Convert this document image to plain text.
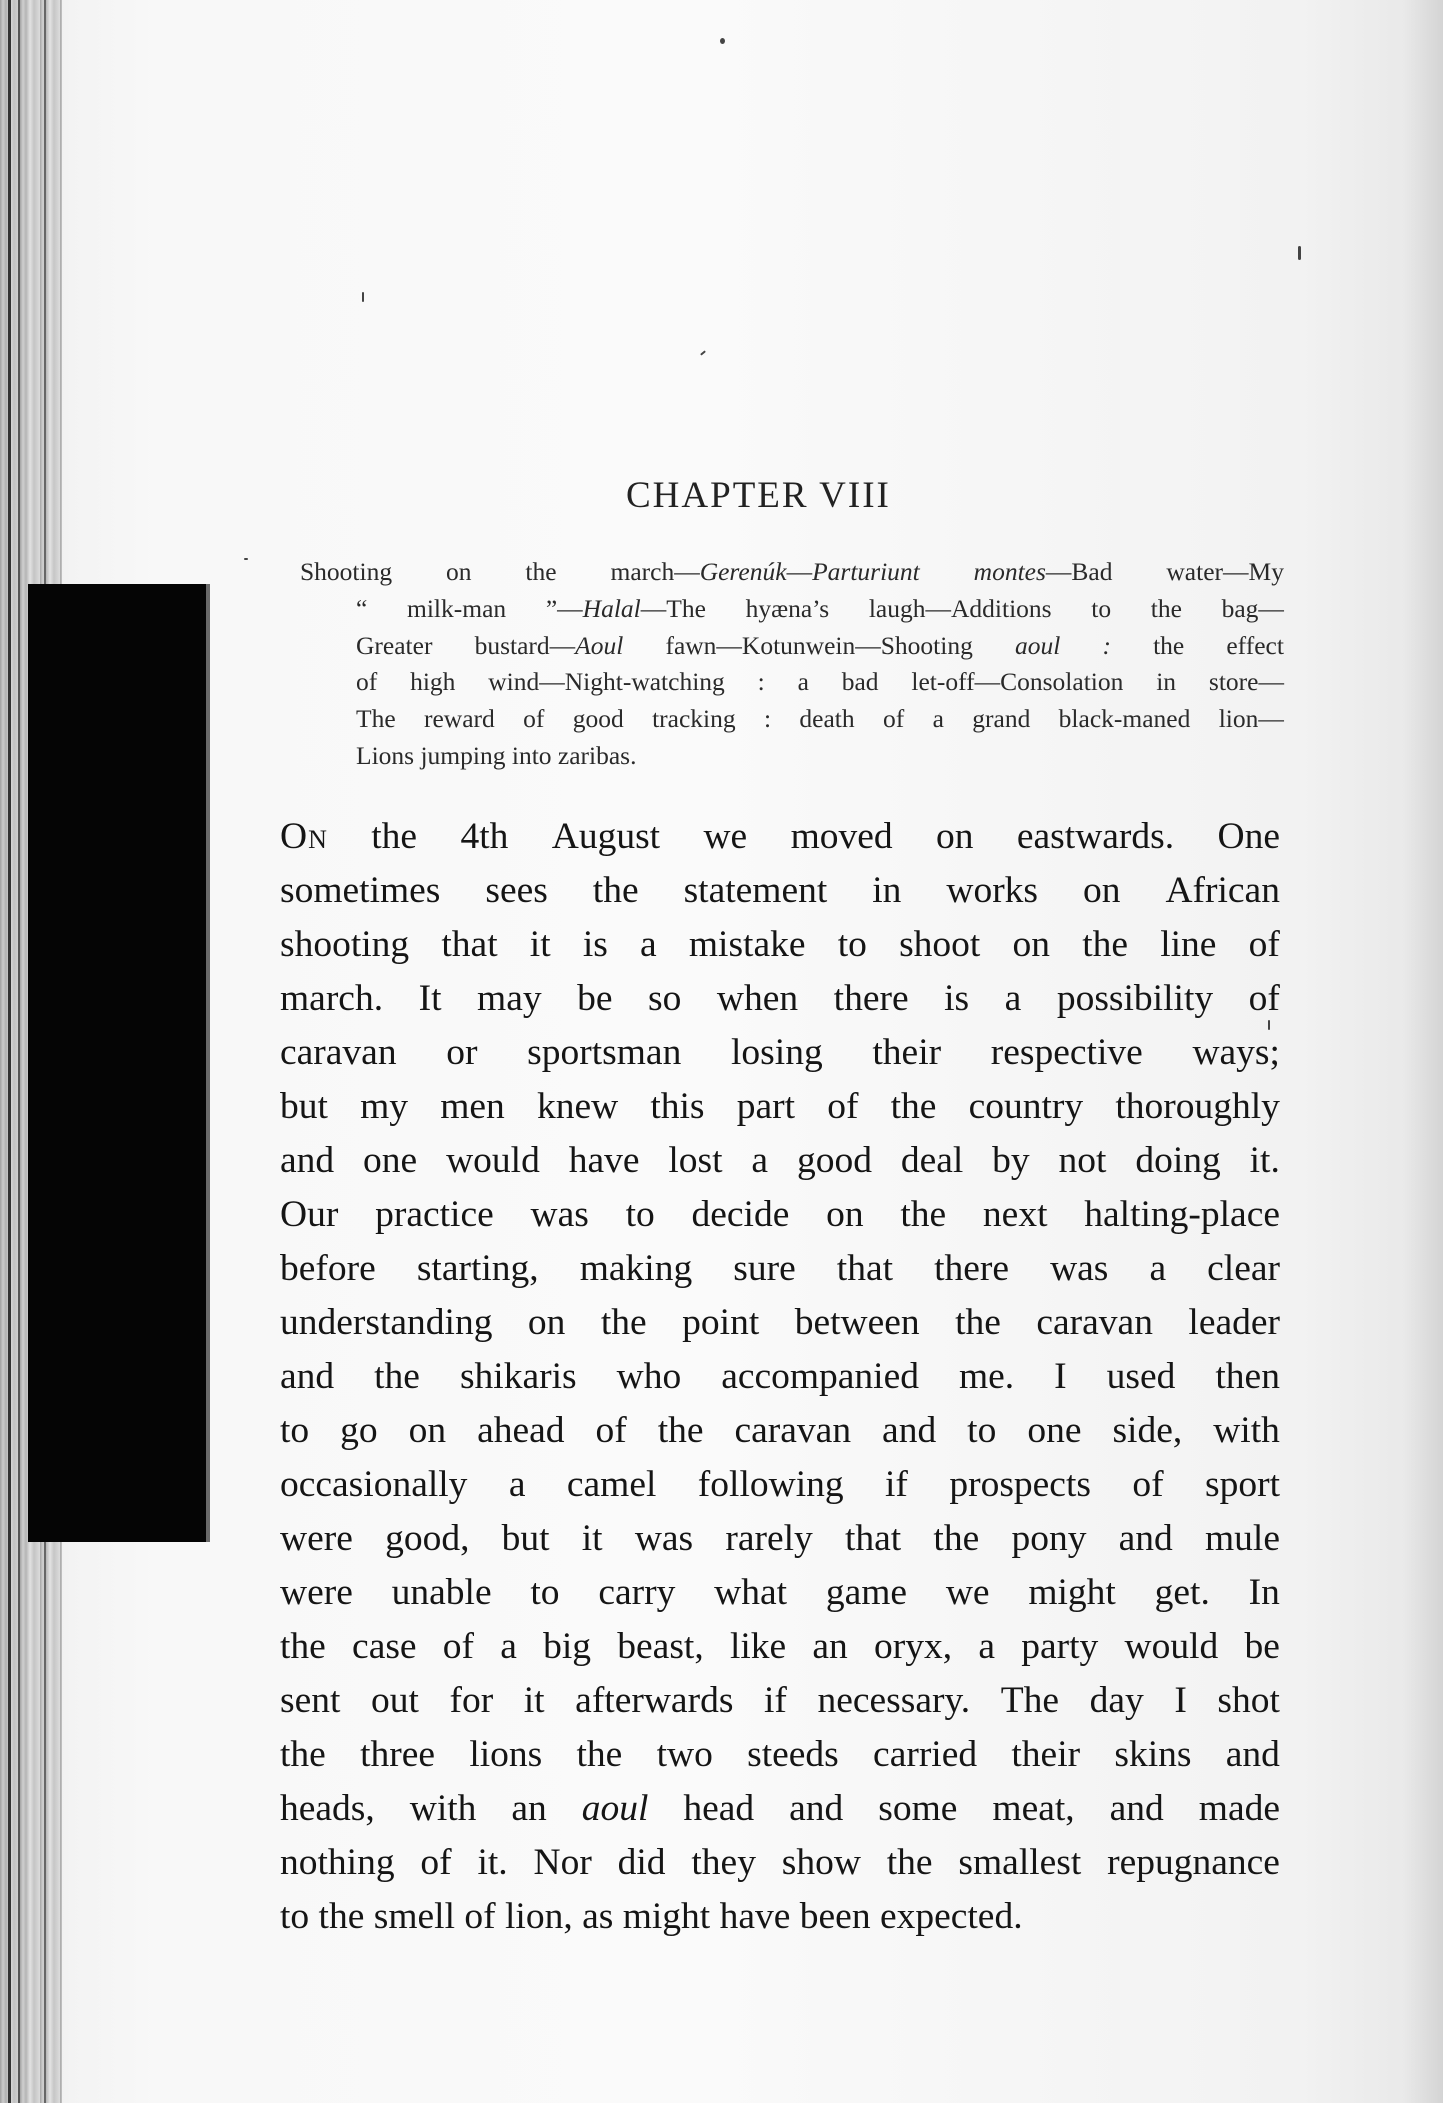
CHAPTER VIII
Shooting on the march—Gerenúk—Parturiunt montes—Bad water—My
“ milk-man ”—Halal—The hyæna’s laugh—Additions to the bag—
Greater bustard—Aoul fawn—Kotunwein—Shooting aoul : the effect
of high wind—Night-watching : a bad let-off—Consolation in store—
The reward of good tracking : death of a grand black-maned lion—
Lions jumping into zaribas.
On the 4th August we moved on eastwards. One
sometimes sees the statement in works on African
shooting that it is a mistake to shoot on the line of
march. It may be so when there is a possibility of
caravan or sportsman losing their respective ways;
but my men knew this part of the country thoroughly
and one would have lost a good deal by not doing it.
Our practice was to decide on the next halting-place
before starting, making sure that there was a clear
understanding on the point between the caravan leader
and the shikaris who accompanied me. I used then
to go on ahead of the caravan and to one side, with
occasionally a camel following if prospects of sport
were good, but it was rarely that the pony and mule
were unable to carry what game we might get. In
the case of a big beast, like an oryx, a party would be
sent out for it afterwards if necessary. The day I shot
the three lions the two steeds carried their skins and
heads, with an aoul head and some meat, and made
nothing of it. Nor did they show the smallest repugnance
to the smell of lion, as might have been expected.
